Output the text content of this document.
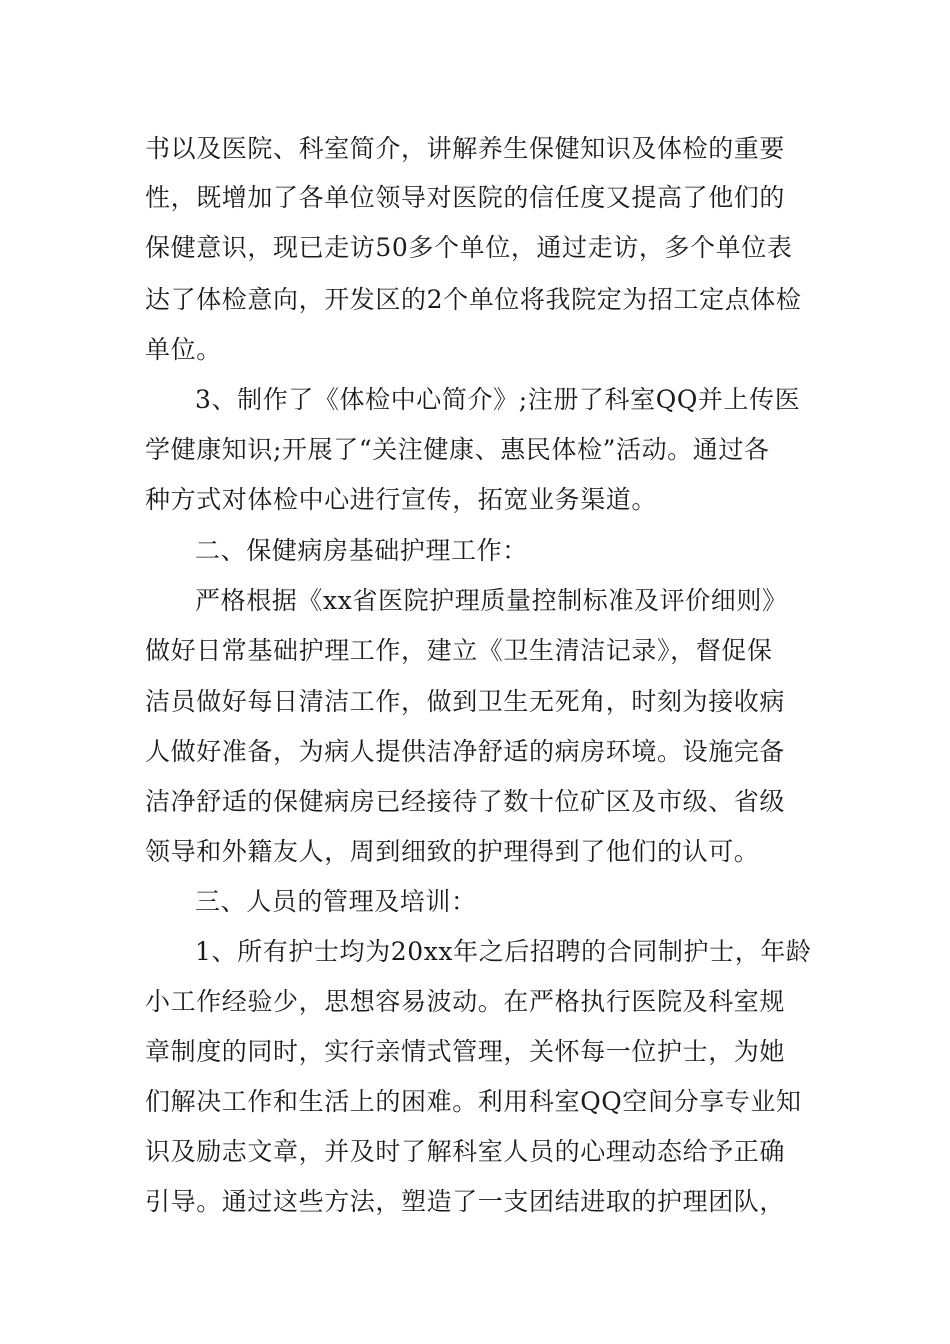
书以及医院、科室简介，讲解养生保健知识及体检的重要
性，既增加了各单位领导对医院的信任度又提高了他们的
保健意识，现已走访50多个单位，通过走访，多个单位表
达了体检意向，开发区的2个单位将我院定为招工定点体检
单位。
3、制作了《体检中心简介》;注册了科室QQ并上传医
学健康知识;开展了“关注健康、惠民体检”活动。通过各
种方式对体检中心进行宣传，拓宽业务渠道。
二、保健病房基础护理工作：
严格根据《xx省医院护理质量控制标准及评价细则》
做好日常基础护理工作，建立《卫生清洁记录》，督促保
洁员做好每日清洁工作，做到卫生无死角，时刻为接收病
人做好准备，为病人提供洁净舒适的病房环境。设施完备
洁净舒适的保健病房已经接待了数十位矿区及市级、省级
领导和外籍友人，周到细致的护理得到了他们的认可。
三、人员的管理及培训：
1、所有护士均为20xx年之后招聘的合同制护士，年龄
小工作经验少，思想容易波动。在严格执行医院及科室规
章制度的同时，实行亲情式管理，关怀每一位护士，为她
们解决工作和生活上的困难。利用科室QQ空间分享专业知
识及励志文章，并及时了解科室人员的心理动态给予正确
引导。通过这些方法，塑造了一支团结进取的护理团队，
